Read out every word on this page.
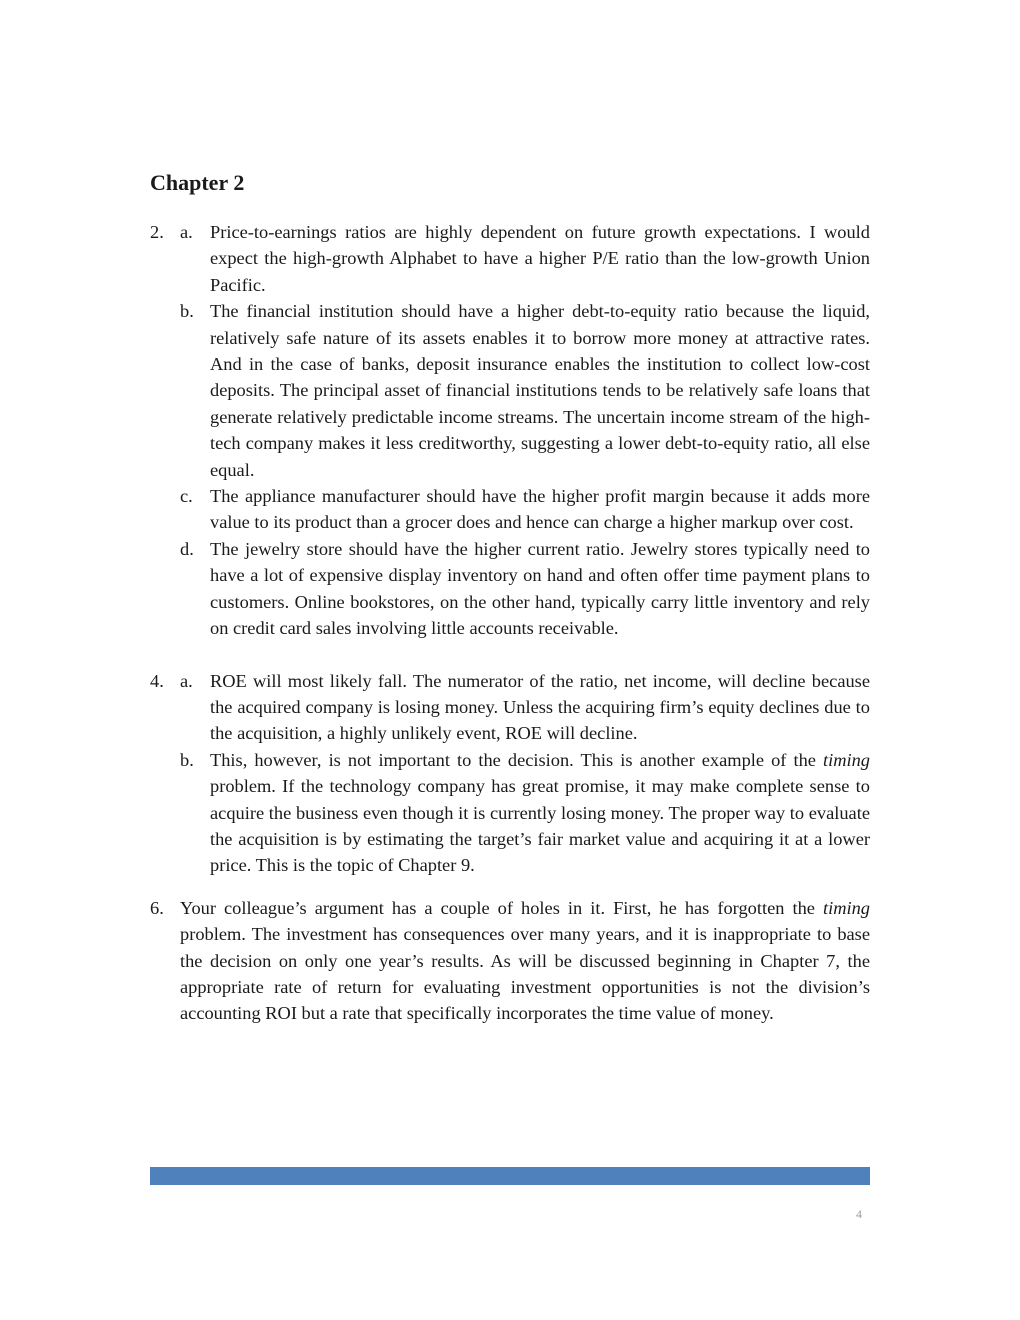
Chapter 2
2. a. Price-to-earnings ratios are highly dependent on future growth expectations. I would expect the high-growth Alphabet to have a higher P/E ratio than the low-growth Union Pacific.

b. The financial institution should have a higher debt-to-equity ratio because the liquid, relatively safe nature of its assets enables it to borrow more money at attractive rates. And in the case of banks, deposit insurance enables the institution to collect low-cost deposits. The principal asset of financial institutions tends to be relatively safe loans that generate relatively predictable income streams. The uncertain income stream of the high-tech company makes it less creditworthy, suggesting a lower debt-to-equity ratio, all else equal.

c. The appliance manufacturer should have the higher profit margin because it adds more value to its product than a grocer does and hence can charge a higher markup over cost.

d. The jewelry store should have the higher current ratio. Jewelry stores typically need to have a lot of expensive display inventory on hand and often offer time payment plans to customers. Online bookstores, on the other hand, typically carry little inventory and rely on credit card sales involving little accounts receivable.

4. a. ROE will most likely fall. The numerator of the ratio, net income, will decline because the acquired company is losing money. Unless the acquiring firm’s equity declines due to the acquisition, a highly unlikely event, ROE will decline.

b. This, however, is not important to the decision. This is another example of the timing problem. If the technology company has great promise, it may make complete sense to acquire the business even though it is currently losing money. The proper way to evaluate the acquisition is by estimating the target’s fair market value and acquiring it at a lower price. This is the topic of Chapter 9.

6. Your colleague’s argument has a couple of holes in it. First, he has forgotten the timing problem. The investment has consequences over many years, and it is inappropriate to base the decision on only one year’s results. As will be discussed beginning in Chapter 7, the appropriate rate of return for evaluating investment opportunities is not the division’s accounting ROI but a rate that specifically incorporates the time value of money.

4
